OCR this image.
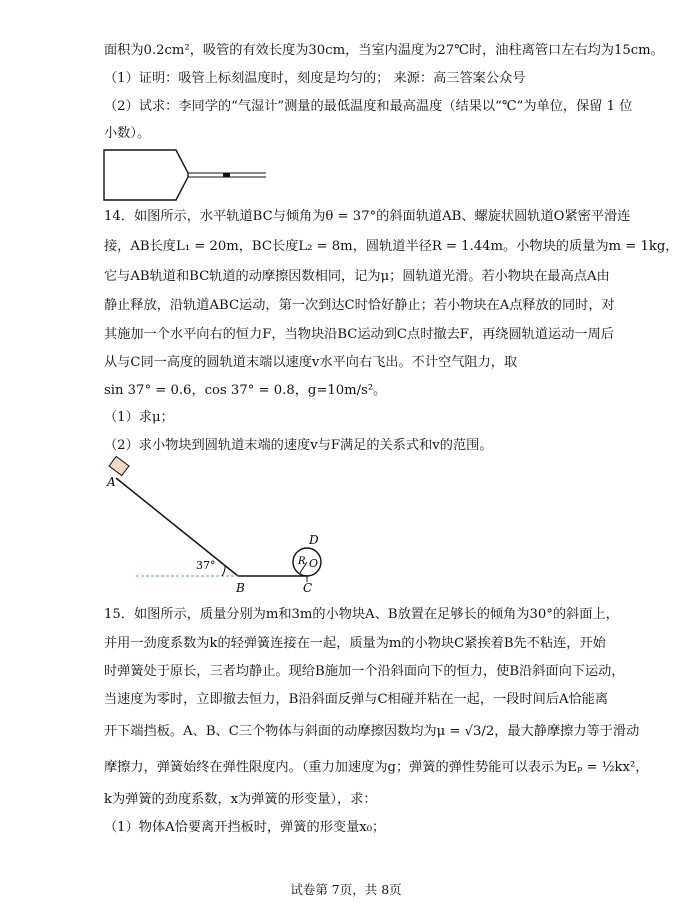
面积为0.2cm²，吸管的有效长度为30cm，当室内温度为27℃时，油柱离管口左右均为15cm。
（1）证明：吸管上标刻温度时，刻度是均匀的； 来源：高三答案公众号
（2）试求：李同学的“气湿计”测量的最低温度和最高温度（结果以“℃”为单位，保留 1 位
小数）。
14．如图所示，水平轨道BC与倾角为θ = 37°的斜面轨道AB、螺旋状圆轨道O紧密平滑连
接，AB长度L₁ = 20m，BC长度L₂ = 8m，圆轨道半径R = 1.44m。小物块的质量为m = 1kg，
它与AB轨道和BC轨道的动摩擦因数相同，记为μ；圆轨道光滑。若小物块在最高点A由
静止释放，沿轨道ABC运动，第一次到达C时恰好静止；若小物块在A点释放的同时，对
其施加一个水平向右的恒力F，当物块沿BC运动到C点时撤去F，再绕圆轨道运动一周后
从与C同一高度的圆轨道末端以速度v水平向右飞出。不计空气阻力，取
sin 37° = 0.6，cos 37° = 0.8，g=10m/s²。
（1）求μ；
（2）求小物块到圆轨道末端的速度v与F满足的关系式和v的范围。
A
37°
B	C
D
R O
15．如图所示，质量分别为m和3m的小物块A、B放置在足够长的倾角为30°的斜面上，
并用一劲度系数为k的轻弹簧连接在一起，质量为m的小物块C紧挨着B先不粘连，开始
时弹簧处于原长，三者均静止。现给B施加一个沿斜面向下的恒力，使B沿斜面向下运动，
当速度为零时，立即撤去恒力，B沿斜面反弹与C相碰并粘在一起，一段时间后A恰能离
开下端挡板。A、B、C三个物体与斜面的动摩擦因数均为μ = √3/2，最大静摩擦力等于滑动
摩擦力，弹簧始终在弹性限度内。（重力加速度为g；弹簧的弹性势能可以表示为Eₚ = ½kx²，
k为弹簧的劲度系数，x为弹簧的形变量），求：
（1）物体A恰要离开挡板时，弹簧的形变量x₀；
试卷第 7页，共 8页
